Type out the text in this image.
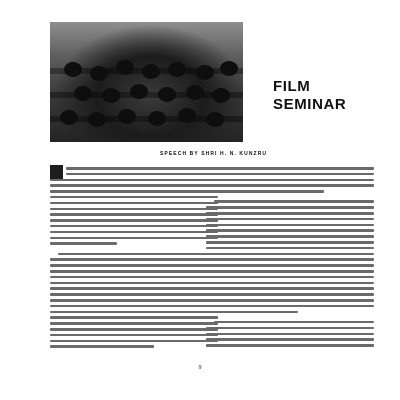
FILM
SEMINAR

SPEECH BY SHRI H. N. KUNZRU

9
